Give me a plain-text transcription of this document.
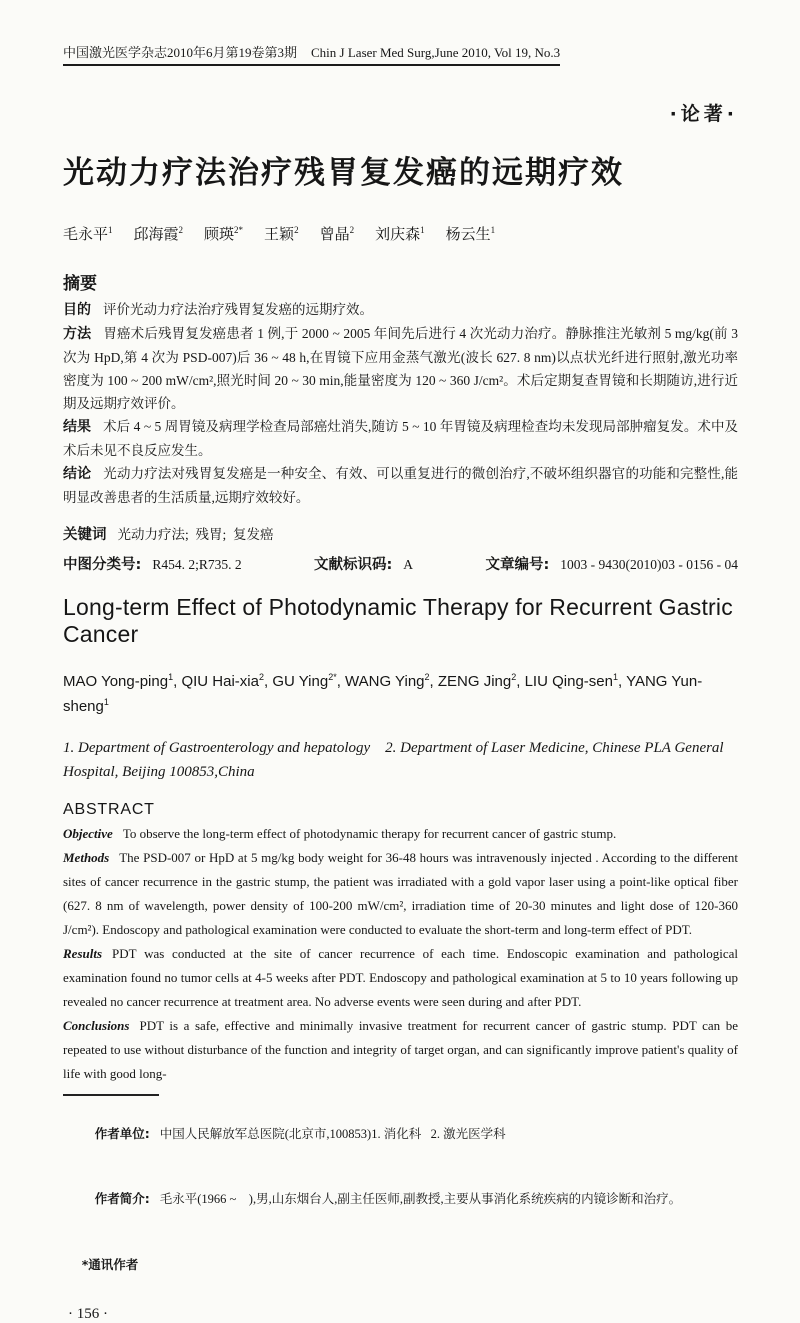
中国激光医学杂志2010年6月第19卷第3期 Chin J Laser Med Surg,June 2010, Vol 19, No.3
·论著·
光动力疗法治疗残胃复发癌的远期疗效
毛永平$^1$ 邱海霞$^2$ 顾瑛$^{2*}$ 王颖$^2$ 曾晶$^2$ 刘庆森$^1$ 杨云生$^1$
摘要

目的 评价光动力疗法治疗残胃复发癌的远期疗效。

方法 胃癌术后残胃复发癌患者 1 例,于 2000 ~ 2005 年间先后进行 4 次光动力治疗。静脉推注光敏剂 5 mg/kg(前 3 次为 HpD,第 4 次为 PSD-007)后 36 ~ 48 h,在胃镜下应用金蒸气激光(波长 627. 8 nm)以点状光纤进行照射,激光功率密度为 100 ~ 200 mW/cm²,照光时间 20 ~ 30 min,能量密度为 120 ~ 360 J/cm²。术后定期复查胃镜和长期随访,进行近期及远期疗效评价。

结果 术后 4 ~ 5 周胃镜及病理学检查局部癌灶消失,随访 5 ~ 10 年胃镜及病理检查均未发现局部肿瘤复发。术中及术后未见不良反应发生。

结论 光动力疗法对残胃复发癌是一种安全、有效、可以重复进行的微创治疗,不破坏组织器官的功能和完整性,能明显改善患者的生活质量,远期疗效较好。

关键词 光动力疗法;  残胃;  复发癌
中图分类号: R454. 2;R735. 2	文献标识码: A	文章编号: 1003 - 9430(2010)03 - 0156 - 04
Long-term Effect of Photodynamic Therapy for Recurrent Gastric Cancer
MAO Yong-ping$^1$, QIU Hai-xia$^2$, GU Ying$^{2*}$, WANG Ying$^2$, ZENG Jing$^2$, LIU Qing-sen$^1$, YANG Yun-sheng$^1$

1. Department of Gastroenterology and hepatology    2. Department of Laser Medicine, Chinese PLA General Hospital, Beijing 100853,China

ABSTRACT

Objective To observe the long-term effect of photodynamic therapy for recurrent cancer of gastric stump.

Methods The PSD-007 or HpD at 5 mg/kg body weight for 36-48 hours was intravenously injected . According to the different sites of cancer recurrence in the gastric stump, the patient was irradiated with a gold vapor laser using a point-like optical fiber (627. 8 nm of wavelength, power density of 100-200 mW/cm², irradiation time of 20-30 minutes and light dose of 120-360 J/cm²). Endoscopy and pathological examination were conducted to evaluate the short-term and long-term effect of PDT.

Results PDT was conducted at the site of cancer recurrence of each time. Endoscopic examination and pathological examination found no tumor cells at 4-5 weeks after PDT. Endoscopy and pathological examination at 5 to 10 years following up revealed no cancer recurrence at treatment area. No adverse events were seen during and after PDT.

Conclusions PDT is a safe, effective and minimally invasive treatment for recurrent cancer of gastric stump. PDT can be repeated to use without disturbance of the function and integrity of target organ, and can significantly improve patient's quality of life with good long-

作者单位: 中国人民解放军总医院(北京市,100853)1. 消化科   2. 激光医学科

作者简介: 毛永平(1966 ~    ),男,山东烟台人,副主任医师,副教授,主要从事消化系统疾病的内镜诊断和治疗。

*通讯作者

· 156 ·
